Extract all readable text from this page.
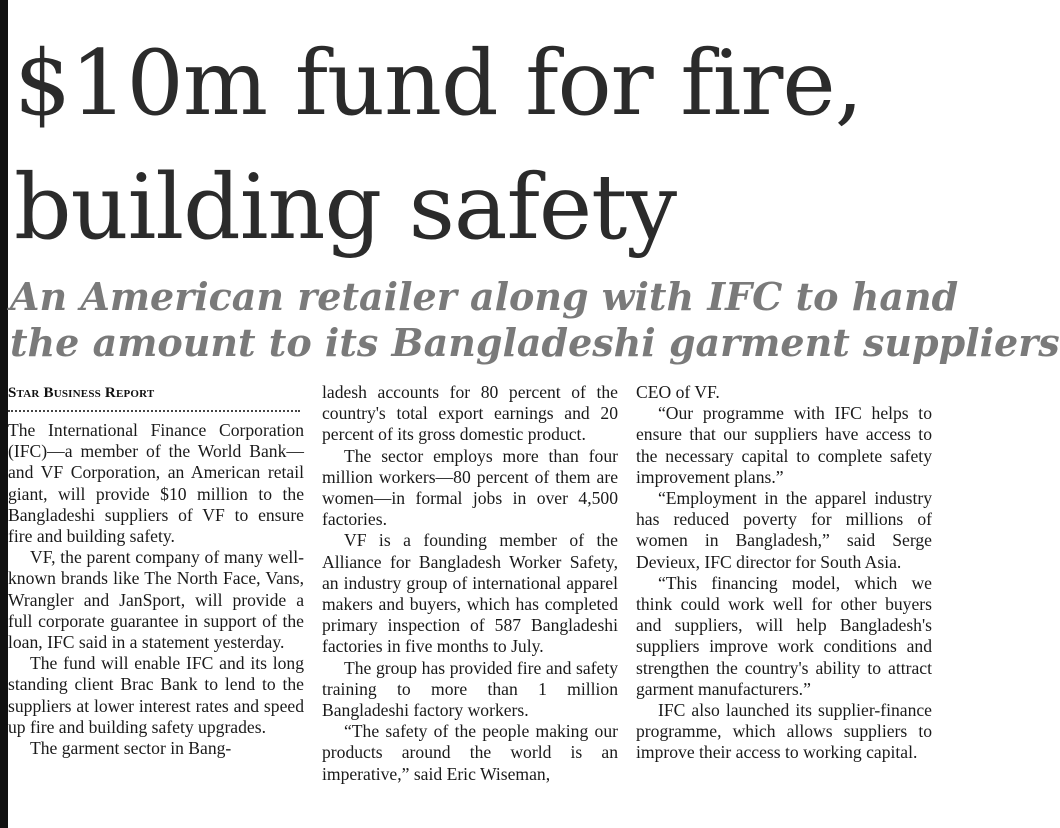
$10m fund for fire,
building safety
An American retailer along with IFC to hand
the amount to its Bangladeshi garment suppliers
Star Business Report

The International Finance Corporation (IFC)—a member of the World Bank—and VF Corporation, an American retail giant, will provide $10 million to the Bangladeshi suppliers of VF to ensure fire and building safety.

VF, the parent company of many well-known brands like The North Face, Vans, Wrangler and JanSport, will provide a full corporate guarantee in support of the loan, IFC said in a statement yesterday.

The fund will enable IFC and its long standing client Brac Bank to lend to the suppliers at lower interest rates and speed up fire and building safety upgrades.

The garment sector in Bang-

ladesh accounts for 80 percent of the country's total export earnings and 20 percent of its gross domestic product.

The sector employs more than four million workers—80 percent of them are women—in formal jobs in over 4,500 factories.

VF is a founding member of the Alliance for Bangladesh Worker Safety, an industry group of international apparel makers and buyers, which has completed primary inspection of 587 Bangladeshi factories in five months to July.

The group has provided fire and safety training to more than 1 million Bangladeshi factory workers.

“The safety of the people making our products around the world is an imperative,” said Eric Wiseman,

CEO of VF.

“Our programme with IFC helps to ensure that our suppliers have access to the necessary capital to complete safety improvement plans.”

“Employment in the apparel industry has reduced poverty for millions of women in Bangladesh,” said Serge Devieux, IFC director for South Asia.

“This financing model, which we think could work well for other buyers and suppliers, will help Bangladesh's suppliers improve work conditions and strengthen the country's ability to attract garment manufacturers.”

IFC also launched its supplier-finance programme, which allows suppliers to improve their access to working capital.
